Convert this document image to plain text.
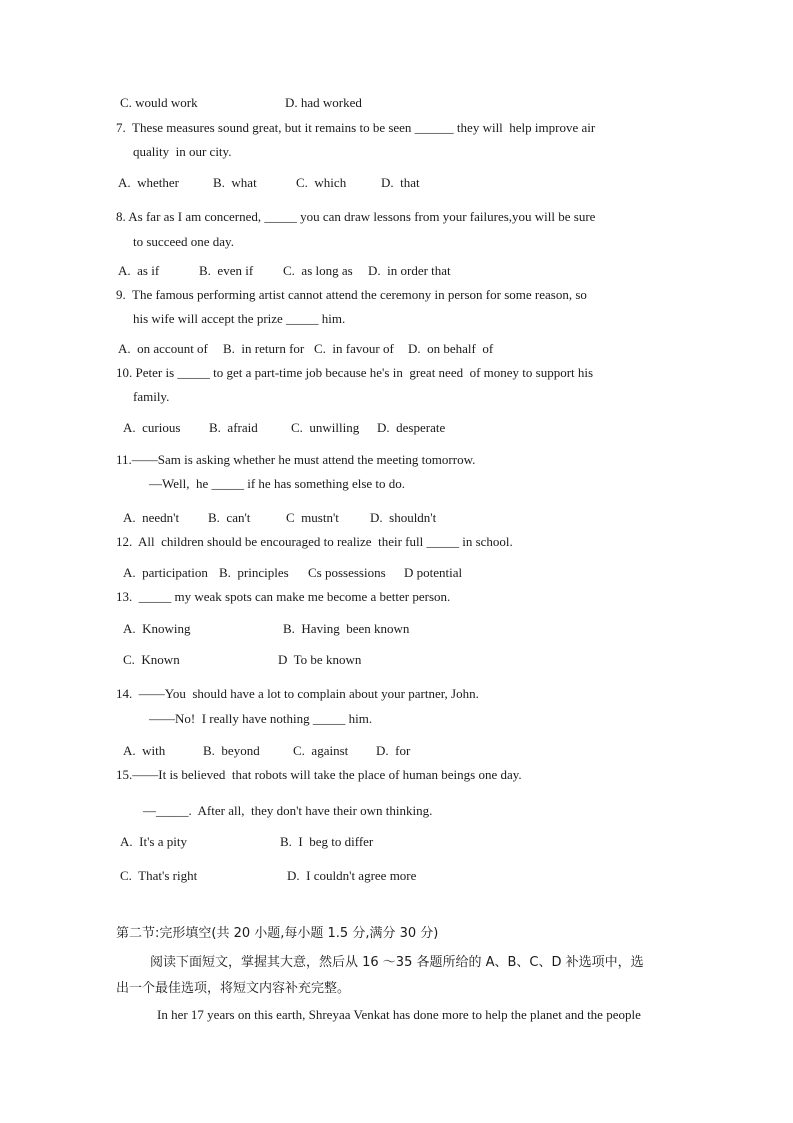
C. would work	D. had worked
7.  These measures sound great, but it remains to be seen ______ they will  help improve air
quality  in our city.
A.  whether	B.  what	C.  which	D.  that
8. As far as I am concerned, _____ you can draw lessons from your failures,you will be sure
to succeed one day.
A.  as if	B.  even if C.  as long as D.  in order that
9.  The famous performing artist cannot attend the ceremony in person for some reason, so
his wife will accept the prize _____ him.
A.  on account of B.  in return for C.  in favour of D.  on behalf  of
10. Peter is _____ to get a part-time job because he's in  great need  of money to support his
family.
A.  curious B.  afraid	C.  unwilling D.  desperate
11.——Sam is asking whether he must attend the meeting tomorrow.
—Well,  he _____ if he has something else to do.
A.  needn't B.  can't	C  mustn't D.  shouldn't
12.  All  children should be encouraged to realize  their full _____ in school.
A.  participation B.  principles Cs possessions D potential
13.  _____ my weak spots can make me become a better person.
A.  Knowing	B.  Having  been known
C.  Known	D  To be known
14.  ——You  should have a lot to complain about your partner, John.
——No!  I really have nothing _____ him.
A.  with	B.  beyond	C.  against D.  for
15.——It is believed  that robots will take the place of human beings one day.
—_____.  After all,  they don't have their own thinking.
A.  It's a pity	B.  I  beg to differ
C.  That's right	D.  I couldn't agree more
第二节:完形填空(共 20 小题,每小题 1.5 分,满分 30 分)
阅读下面短文，掌握其大意，然后从 16 ～35 各题所给的 A、B、C、D 补选项中，选
出一个最佳选项，将短文内容补充完整。
In her 17 years on this earth, Shreyaa Venkat has done more to help the planet and the people
